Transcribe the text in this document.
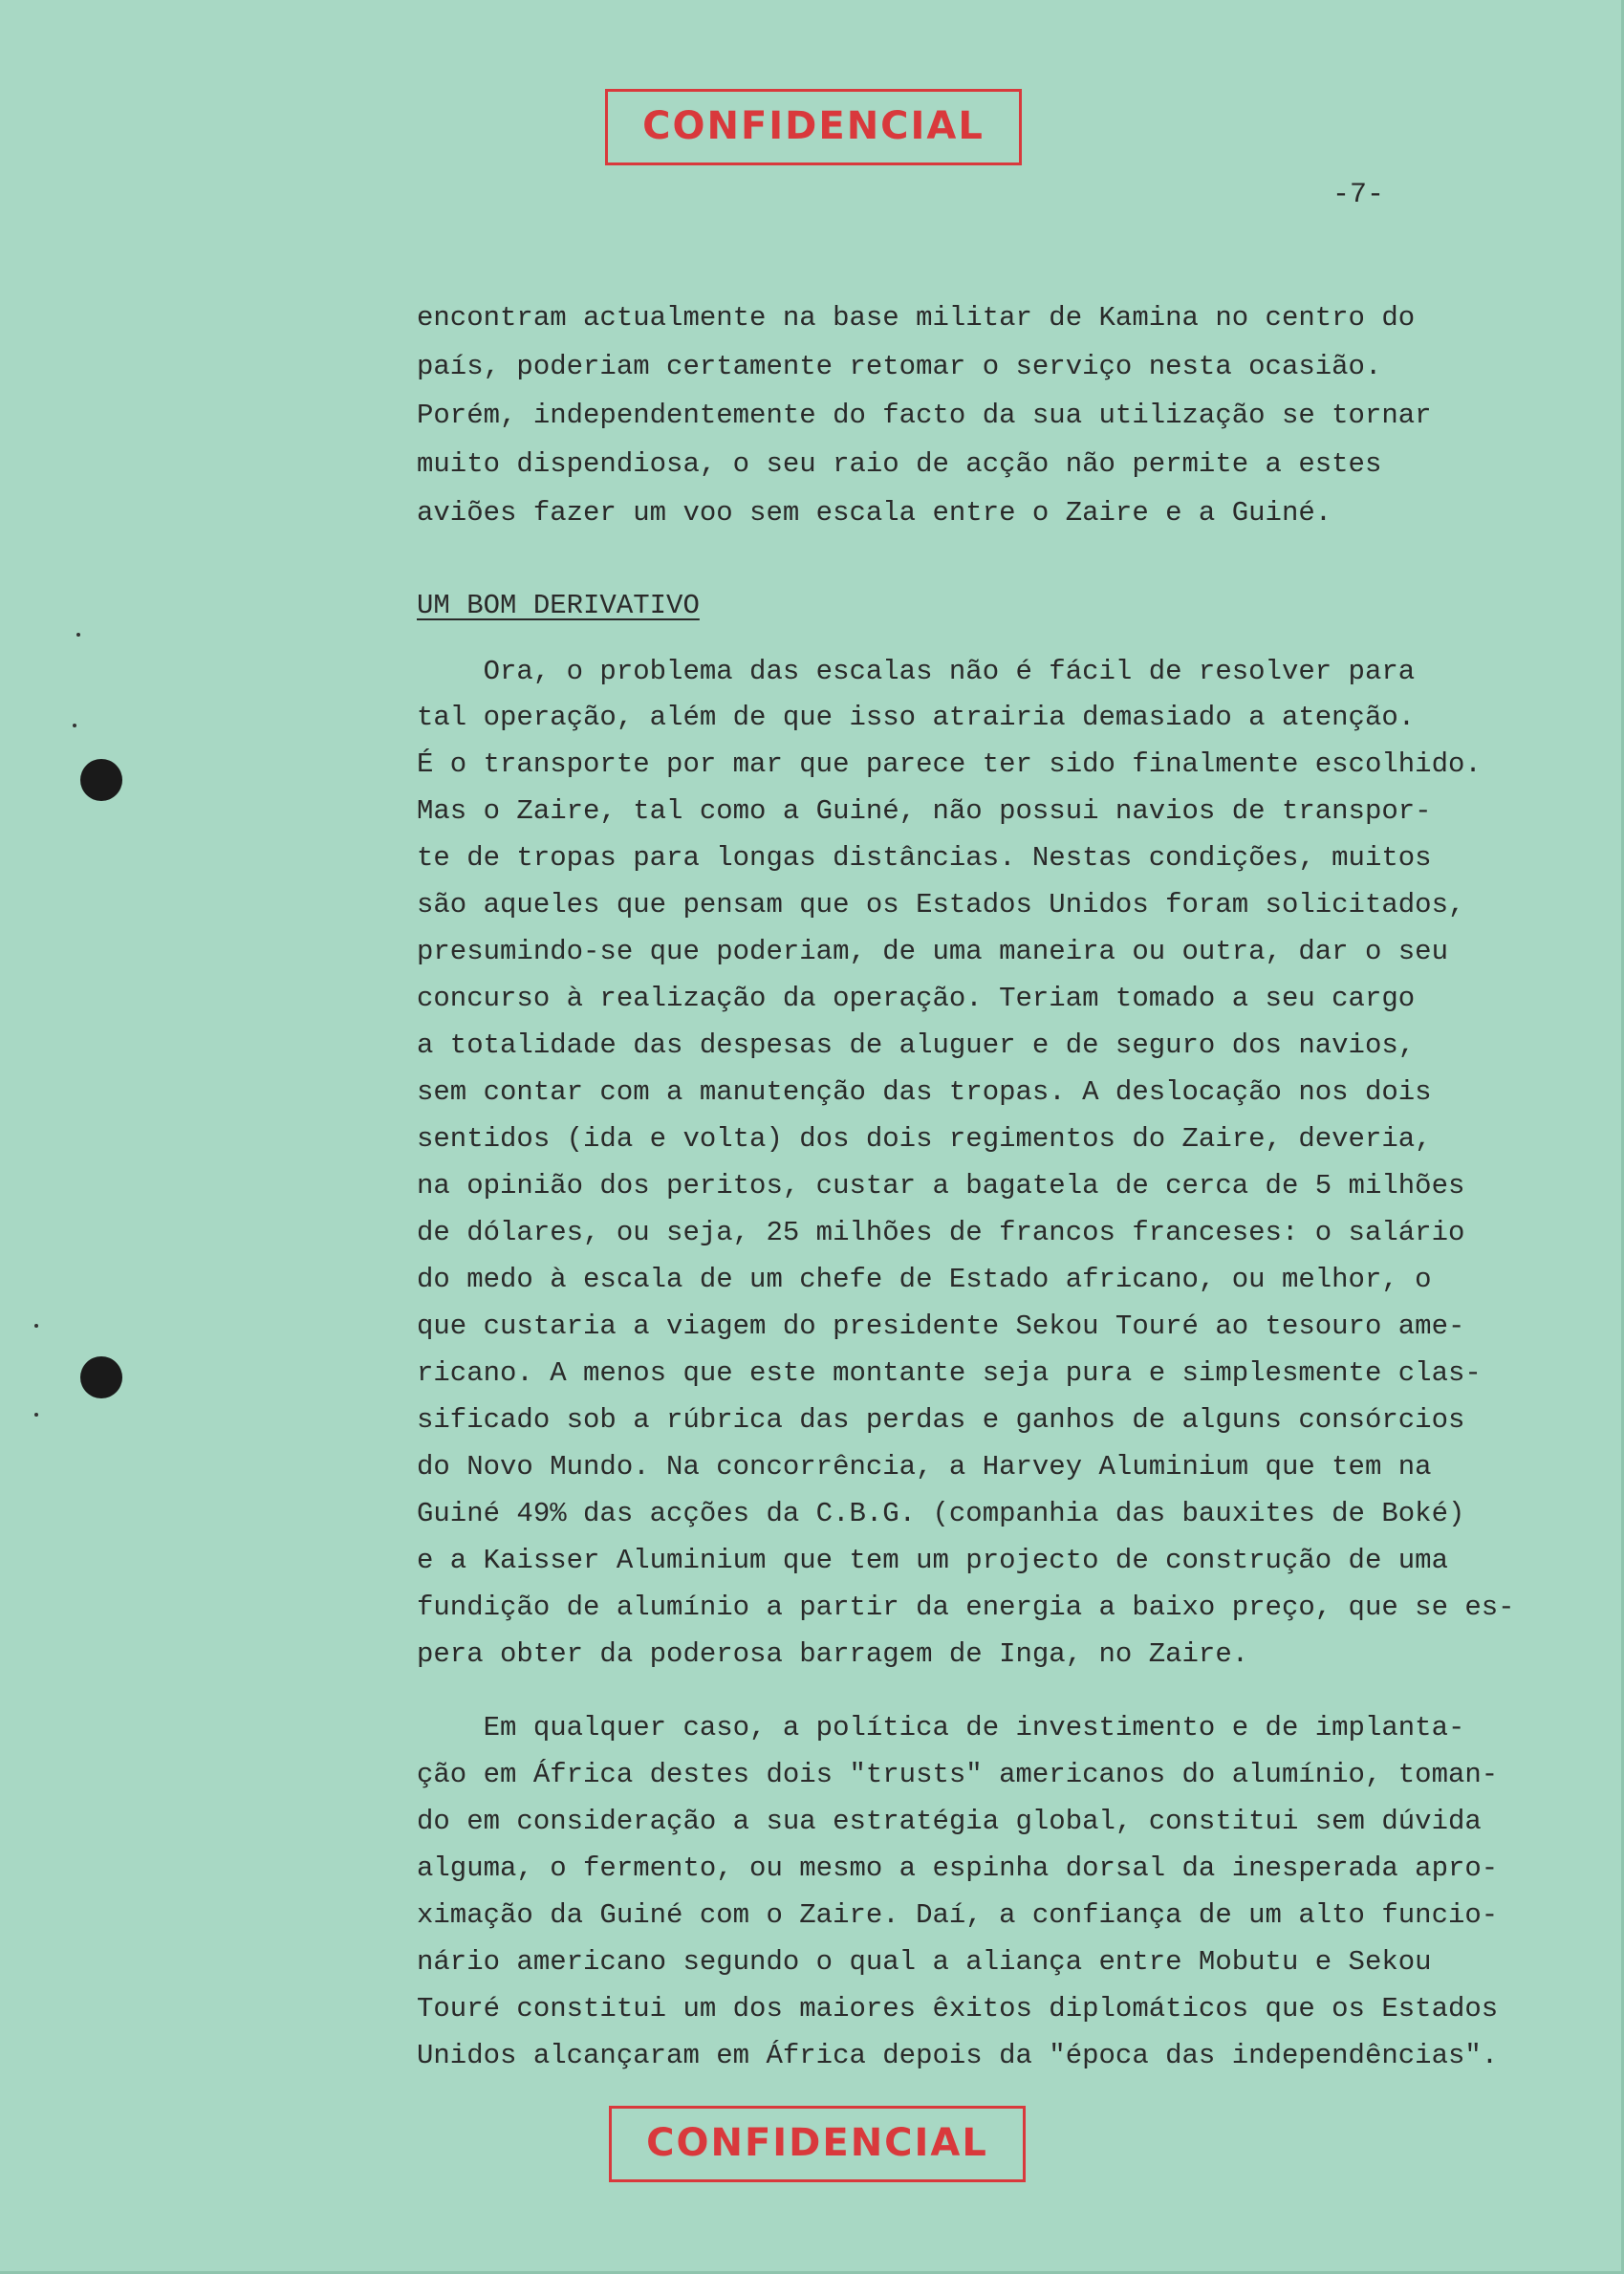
CONFIDENCIAL
-7-
encontram actualmente na base militar de Kamina no centro do
país, poderiam certamente retomar o serviço nesta ocasião.
Porém, independentemente do facto da sua utilização se tornar
muito dispendiosa, o seu raio de acção não permite a estes
aviões fazer um voo sem escala entre o Zaire e a Guiné.
UM BOM DERIVATIVO
Ora, o problema das escalas não é fácil de resolver para
tal operação, além de que isso atrairia demasiado a atenção.
É o transporte por mar que parece ter sido finalmente escolhido.
Mas o Zaire, tal como a Guiné, não possui navios de transpor-
te de tropas para longas distâncias. Nestas condições, muitos
são aqueles que pensam que os Estados Unidos foram solicitados,
presumindo-se que poderiam, de uma maneira ou outra, dar o seu
concurso à realização da operação. Teriam tomado a seu cargo
a totalidade das despesas de aluguer e de seguro dos navios,
sem contar com a manutenção das tropas. A deslocação nos dois
sentidos (ida e volta) dos dois regimentos do Zaire, deveria,
na opinião dos peritos, custar a bagatela de cerca de 5 milhões
de dólares, ou seja, 25 milhões de francos franceses: o salário
do medo à escala de um chefe de Estado africano, ou melhor, o
que custaria a viagem do presidente Sekou Touré ao tesouro ame-
ricano. A menos que este montante seja pura e simplesmente clas-
sificado sob a rúbrica das perdas e ganhos de alguns consórcios
do Novo Mundo. Na concorrência, a Harvey Aluminium que tem na
Guiné 49% das acções da C.B.G. (companhia das bauxites de Boké)
e a Kaisser Aluminium que tem um projecto de construção de uma
fundição de alumínio a partir da energia a baixo preço, que se es-
pera obter da poderosa barragem de Inga, no Zaire.
Em qualquer caso, a política de investimento e de implanta-
ção em África destes dois "trusts" americanos do alumínio, toman-
do em consideração a sua estratégia global, constitui sem dúvida
alguma, o fermento, ou mesmo a espinha dorsal da inesperada apro-
ximação da Guiné com o Zaire. Daí, a confiança de um alto funcio-
nário americano segundo o qual a aliança entre Mobutu e Sekou
Touré constitui um dos maiores êxitos diplomáticos que os Estados
Unidos alcançaram em África depois da "época das independências".
CONFIDENCIAL
